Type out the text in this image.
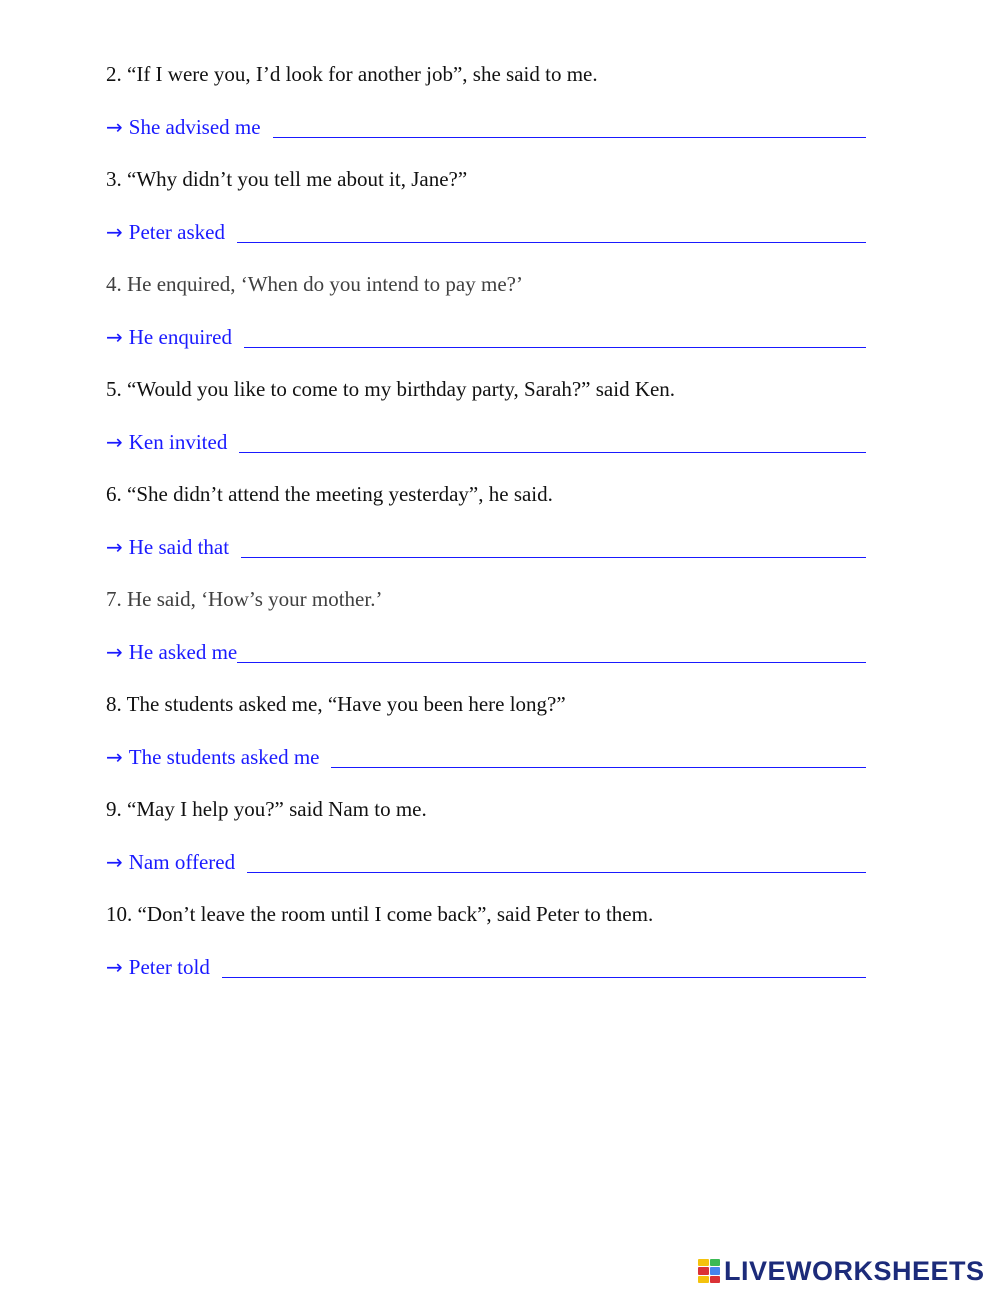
2. “If I were you, I’d look for another job”, she said to me.
→ She advised me
3. “Why didn’t you tell me about it, Jane?”
→ Peter asked
4. He enquired, ‘When do you intend to pay me?’
→ He enquired
5. “Would you like to come to my birthday party, Sarah?” said Ken.
→ Ken invited
6. “She didn’t attend the meeting yesterday”, he said.
→ He said that
7. He said, ‘How’s your mother.’
→ He asked me
8. The students asked me, “Have you been here long?”
→ The students asked me
9. “May I help you?” said Nam to me.
→ Nam offered
10. “Don’t leave the room until I come back”, said Peter to them.
→ Peter told
LIVEWORKSHEETS
